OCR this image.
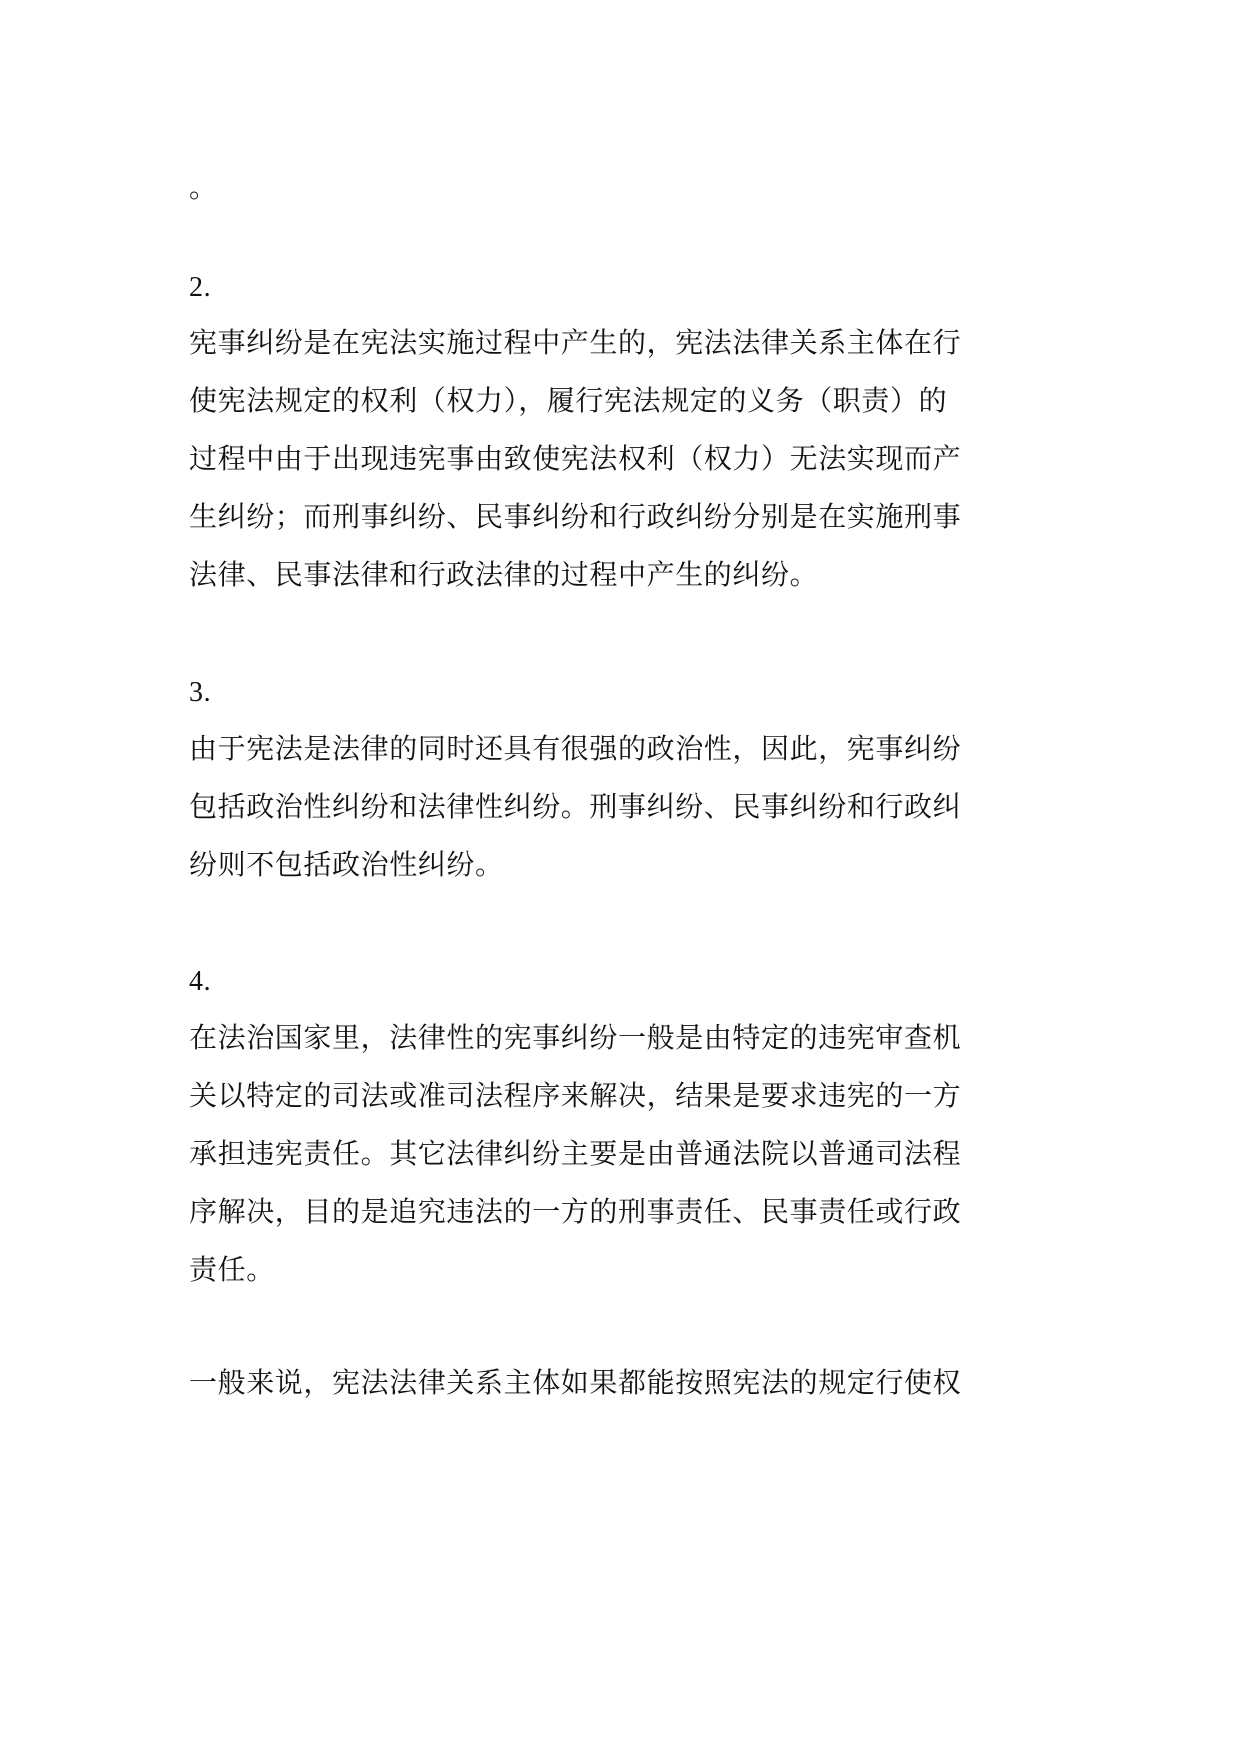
。
2.
宪事纠纷是在宪法实施过程中产生的，宪法法律关系主体在行
使宪法规定的权利（权力），履行宪法规定的义务（职责）的
过程中由于出现违宪事由致使宪法权利（权力）无法实现而产
生纠纷；而刑事纠纷、民事纠纷和行政纠纷分别是在实施刑事
法律、民事法律和行政法律的过程中产生的纠纷。
3.
由于宪法是法律的同时还具有很强的政治性，因此，宪事纠纷
包括政治性纠纷和法律性纠纷。刑事纠纷、民事纠纷和行政纠
纷则不包括政治性纠纷。
4.
在法治国家里，法律性的宪事纠纷一般是由特定的违宪审查机
关以特定的司法或准司法程序来解决，结果是要求违宪的一方
承担违宪责任。其它法律纠纷主要是由普通法院以普通司法程
序解决，目的是追究违法的一方的刑事责任、民事责任或行政
责任。
一般来说，宪法法律关系主体如果都能按照宪法的规定行使权
